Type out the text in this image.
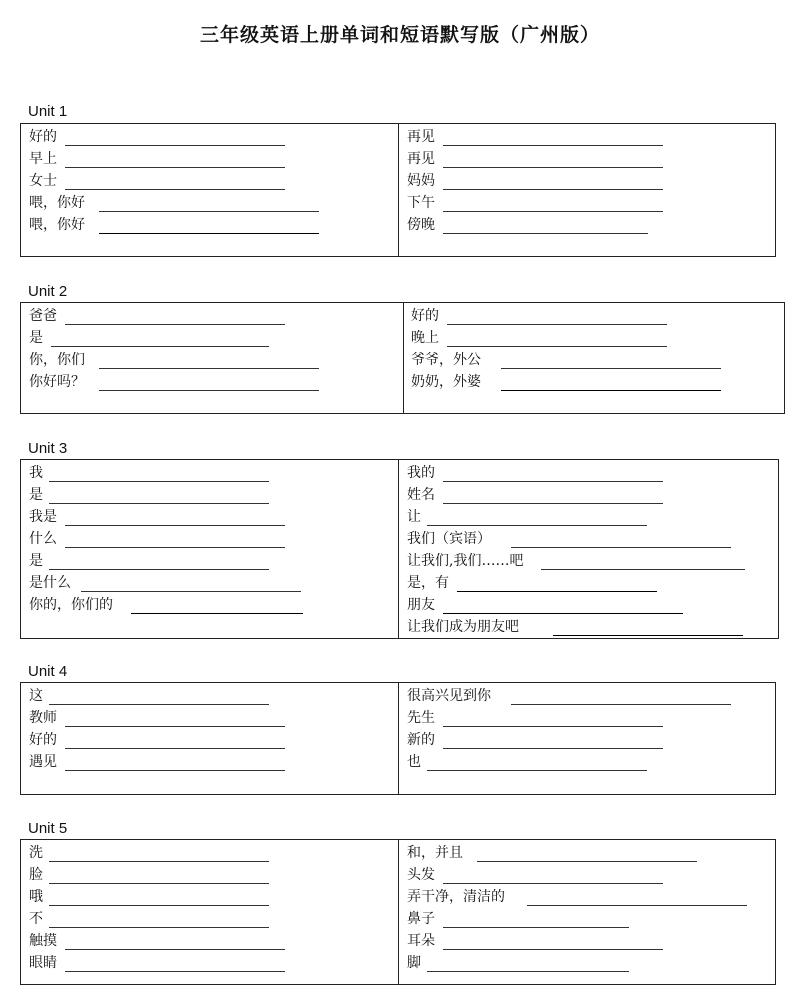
三年级英语上册单词和短语默写版（广州版）
Unit 1
好的
早上
女士
喂，你好
喂，你好
再见
再见
妈妈
下午
傍晚
Unit 2
爸爸
是
你，你们
你好吗？
好的
晚上
爷爷，外公
奶奶，外婆
Unit 3
我
是
我是
什么
是
是什么
你的，你们的
我的
姓名
让
我们（宾语）
让我们,我们……吧
是，有
朋友
让我们成为朋友吧
Unit 4
这
教师
好的
遇见
很高兴见到你
先生
新的
也
Unit 5
洗
脸
哦
不
触摸
眼睛
和，并且
头发
弄干净，清洁的
鼻子
耳朵
脚
